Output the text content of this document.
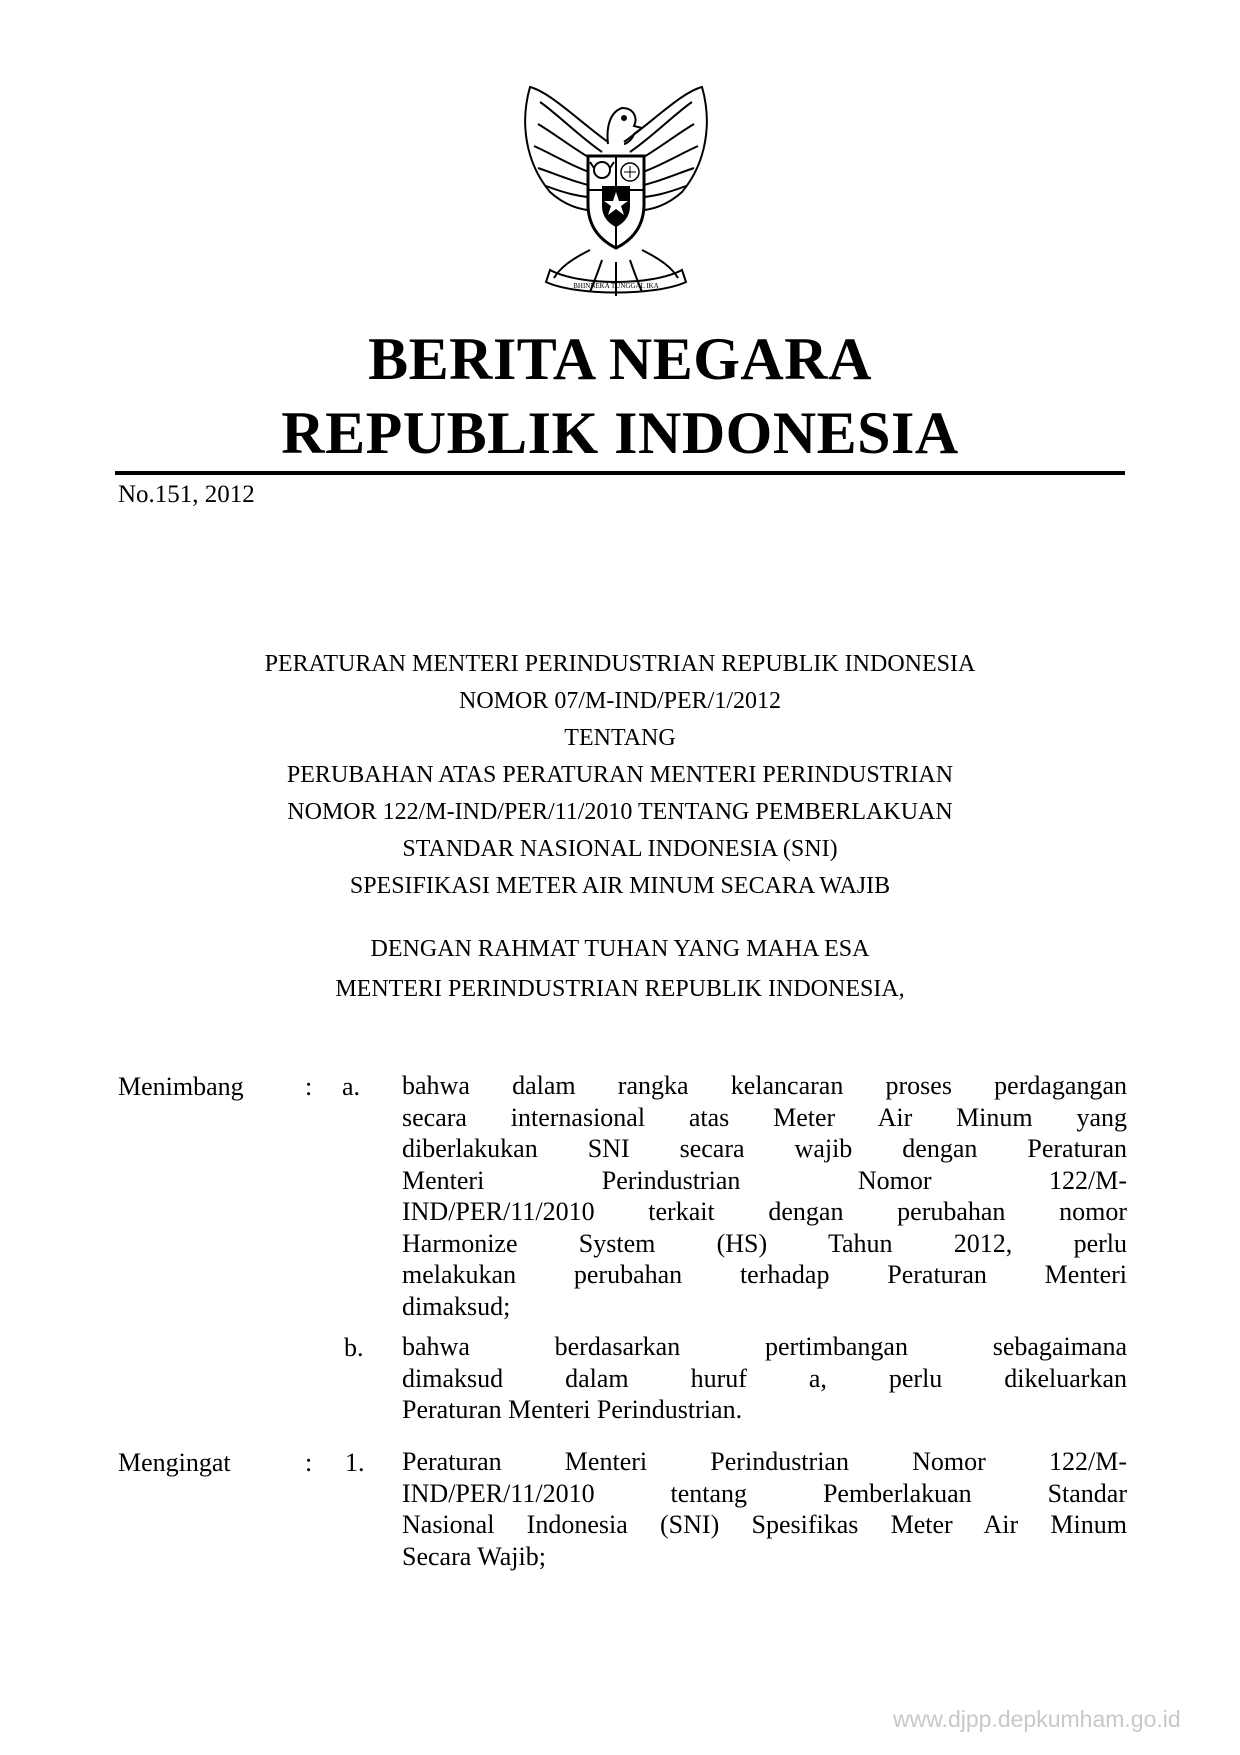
BHINNEKA TUNGGAL IKA
BERITA NEGARA
REPUBLIK INDONESIA
No.151, 2012
PERATURAN MENTERI PERINDUSTRIAN REPUBLIK INDONESIA
NOMOR 07/M-IND/PER/1/2012
TENTANG
PERUBAHAN ATAS PERATURAN MENTERI PERINDUSTRIAN
NOMOR 122/M-IND/PER/11/2010 TENTANG PEMBERLAKUAN
STANDAR NASIONAL INDONESIA (SNI)
SPESIFIKASI METER AIR MINUM SECARA WAJIB
DENGAN RAHMAT TUHAN YANG MAHA ESA
MENTERI PERINDUSTRIAN REPUBLIK INDONESIA,
Menimbang : a. bahwa dalam rangka kelancaran proses perdagangan
secara internasional atas Meter Air Minum yang
diberlakukan SNI secara wajib dengan Peraturan
Menteri Perindustrian Nomor 122/M-
IND/PER/11/2010 terkait dengan perubahan nomor
Harmonize System (HS) Tahun 2012, perlu
melakukan perubahan terhadap Peraturan Menteri
dimaksud;
b. bahwa berdasarkan pertimbangan sebagaimana
dimaksud dalam huruf a, perlu dikeluarkan
Peraturan Menteri Perindustrian.
Mengingat	: 1. Peraturan Menteri Perindustrian Nomor 122/M-
IND/PER/11/2010 tentang Pemberlakuan Standar
Nasional Indonesia (SNI) Spesifikas Meter Air Minum
Secara Wajib;
www.djpp.depkumham.go.id
